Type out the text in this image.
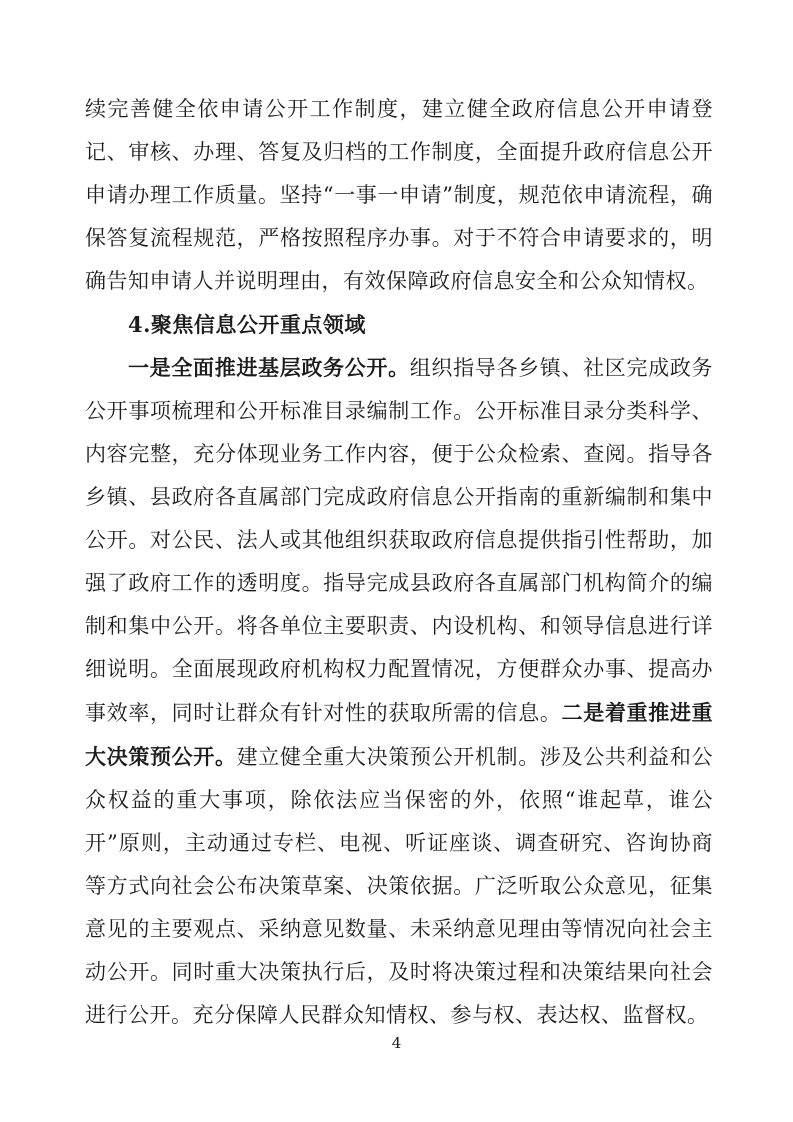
续完善健全依申请公开工作制度，建立健全政府信息公开申请登记、审核、办理、答复及归档的工作制度，全面提升政府信息公开申请办理工作质量。坚持“一事一申请”制度，规范依申请流程，确保答复流程规范，严格按照程序办事。对于不符合申请要求的，明确告知申请人并说明理由，有效保障政府信息安全和公众知情权。

4.聚焦信息公开重点领域

一是全面推进基层政务公开。组织指导各乡镇、社区完成政务公开事项梳理和公开标准目录编制工作。公开标准目录分类科学、内容完整，充分体现业务工作内容，便于公众检索、查阅。指导各乡镇、县政府各直属部门完成政府信息公开指南的重新编制和集中公开。对公民、法人或其他组织获取政府信息提供指引性帮助，加强了政府工作的透明度。指导完成县政府各直属部门机构简介的编制和集中公开。将各单位主要职责、内设机构、和领导信息进行详细说明。全面展现政府机构权力配置情况，方便群众办事、提高办事效率，同时让群众有针对性的获取所需的信息。二是着重推进重大决策预公开。建立健全重大决策预公开机制。涉及公共利益和公众权益的重大事项，除依法应当保密的外，依照“谁起草，谁公开”原则，主动通过专栏、电视、听证座谈、调查研究、咨询协商等方式向社会公布决策草案、决策依据。广泛听取公众意见，征集意见的主要观点、采纳意见数量、未采纳意见理由等情况向社会主动公开。同时重大决策执行后，及时将决策过程和决策结果向社会进行公开。充分保障人民群众知情权、参与权、表达权、监督权。

4
